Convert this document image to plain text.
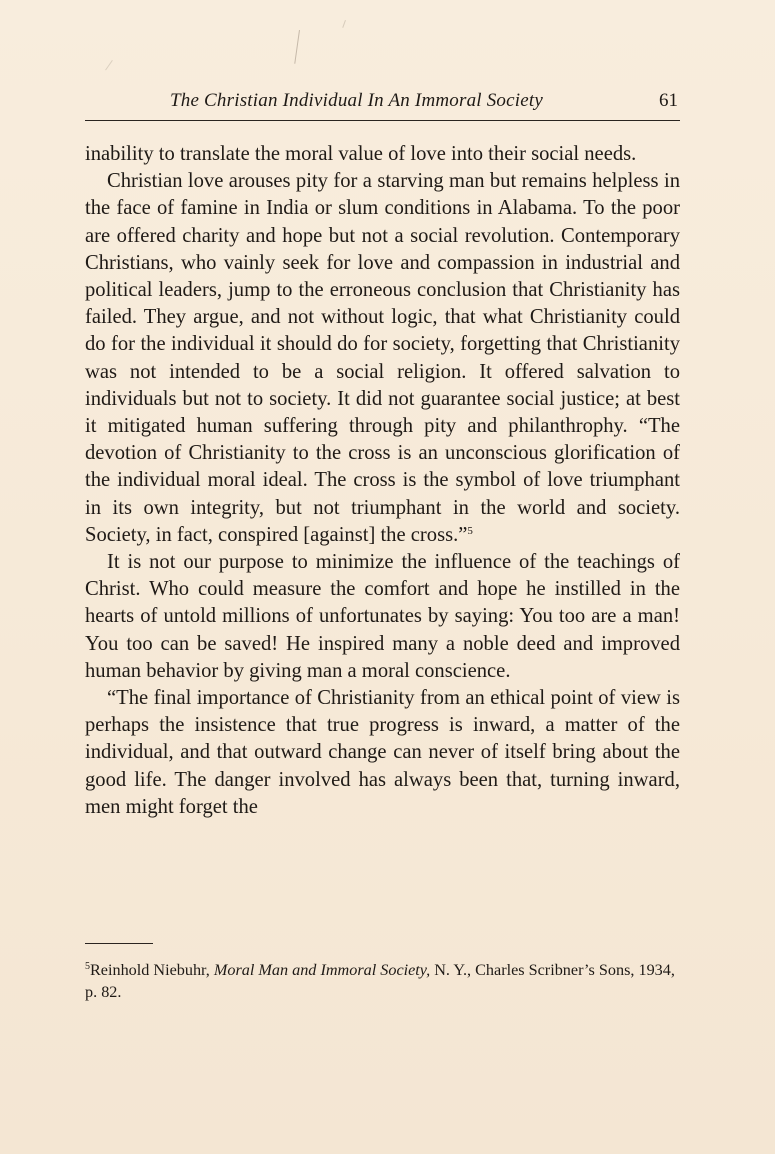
The Christian Individual In An Immoral Society	61

inability to translate the moral value of love into their social needs.

Christian love arouses pity for a starving man but remains helpless in the face of famine in India or slum conditions in Alabama. To the poor are offered charity and hope but not a social revolution. Contemporary Christians, who vainly seek for love and compassion in industrial and political leaders, jump to the erroneous conclusion that Christianity has failed. They argue, and not without logic, that what Christianity could do for the individual it should do for society, forgetting that Christianity was not intended to be a social religion. It offered salvation to individuals but not to society. It did not guarantee social justice; at best it mitigated human suffering through pity and philanthrophy. “The devotion of Christianity to the cross is an unconscious glorification of the individual moral ideal. The cross is the symbol of love triumphant in its own integrity, but not triumphant in the world and society. Society, in fact, conspired [against] the cross.”$^5$

It is not our purpose to minimize the influence of the teachings of Christ. Who could measure the comfort and hope he instilled in the hearts of untold millions of unfortunates by saying: You too are a man! You too can be saved! He inspired many a noble deed and improved human behavior by giving man a moral conscience.

“The final importance of Christianity from an ethical point of view is perhaps the insistence that true progress is inward, a matter of the individual, and that outward change can never of itself bring about the good life. The danger involved has always been that, turning inward, men might forget the

$^5$Reinhold Niebuhr, Moral Man and Immoral Society, N. Y., Charles Scribner’s Sons, 1934, p. 82.
